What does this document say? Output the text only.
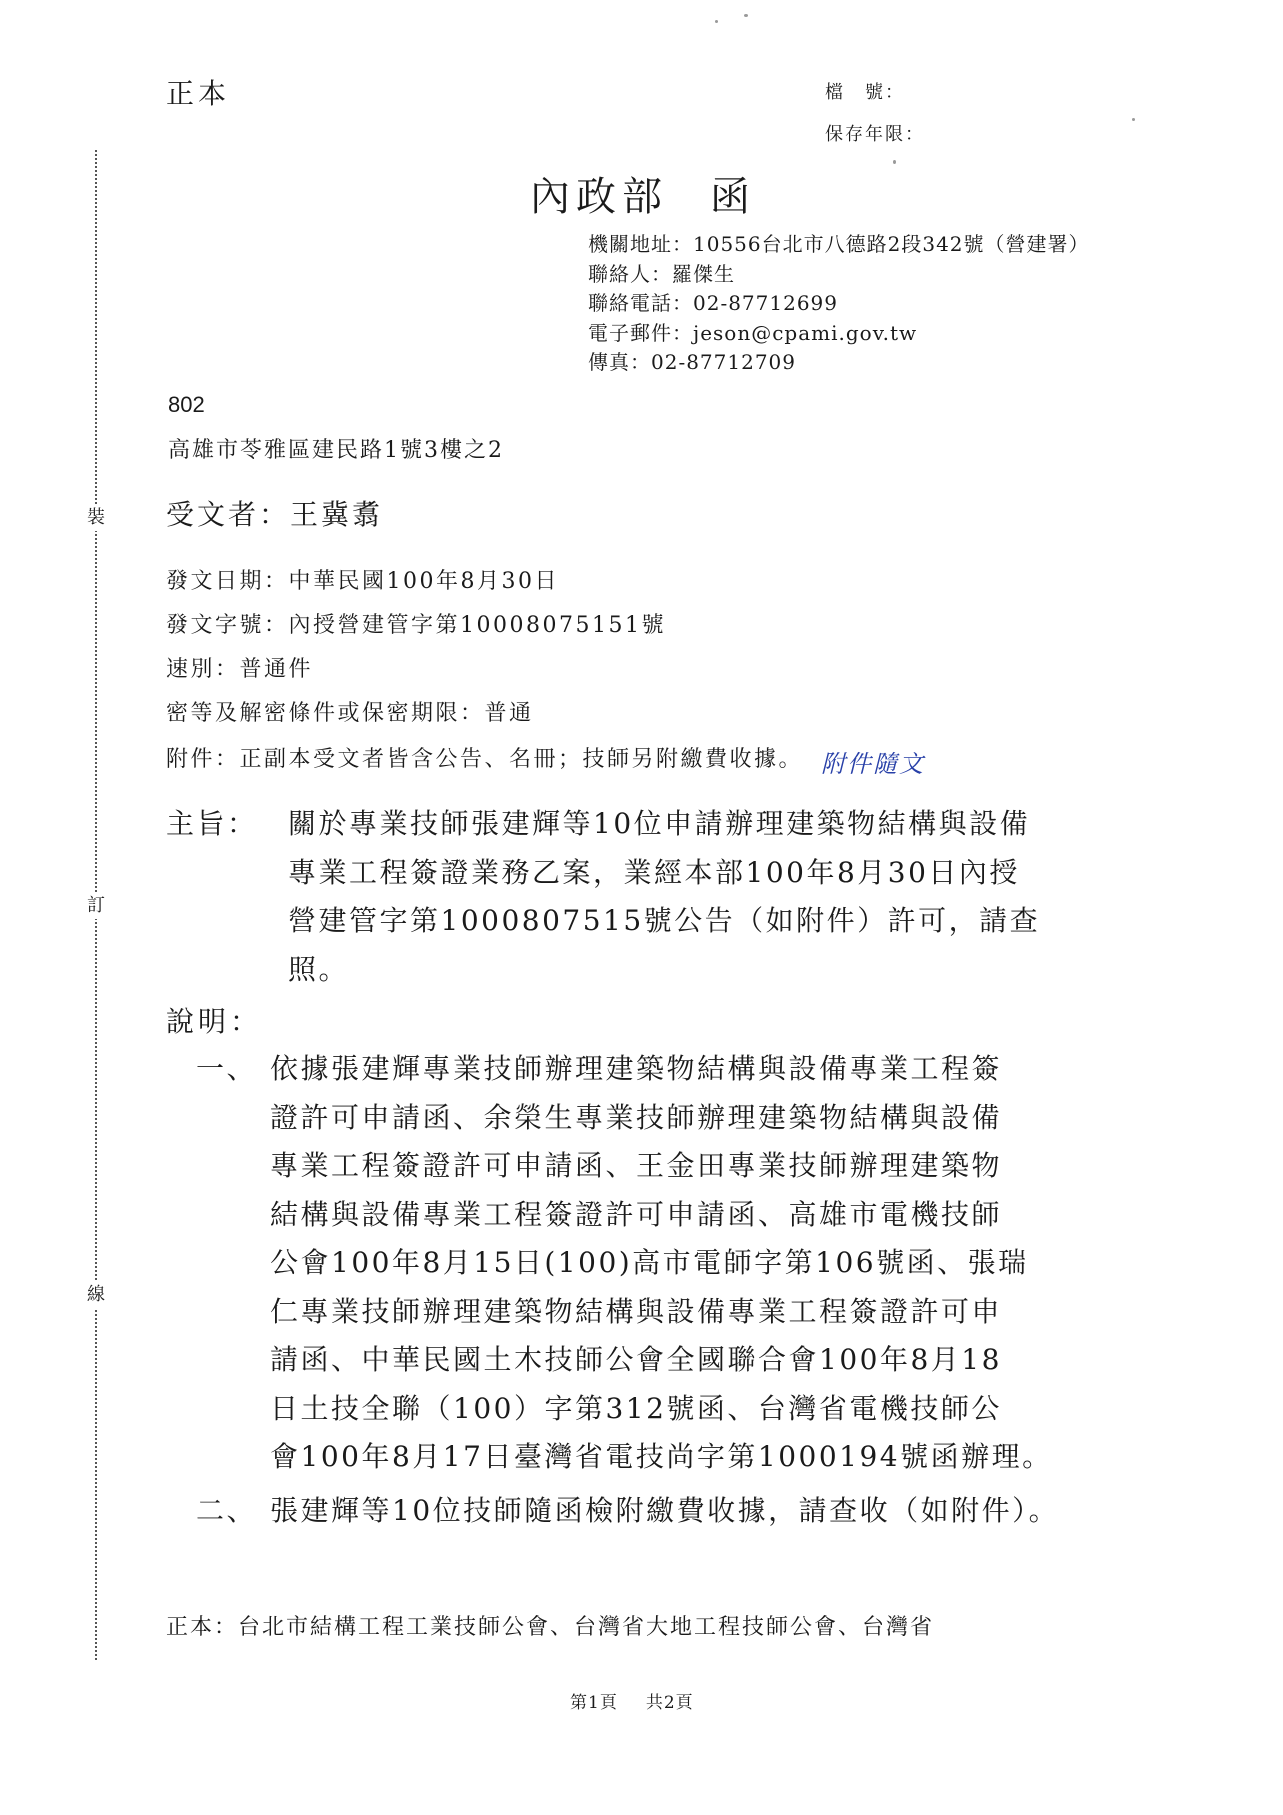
裝
訂
線
正本	檔　號：
保存年限：
內政部 函
機關地址：10556台北市八德路2段342號（營建署）
聯絡人：羅傑生
聯絡電話：02-87712699
電子郵件：jeson@cpami.gov.tw
傳真：02-87712709
802
高雄市苓雅區建民路1號3樓之2
受文者：王冀翥
發文日期：中華民國100年8月30日
發文字號：內授營建管字第10008075151號
速別：普通件
密等及解密條件或保密期限：普通
附件：正副本受文者皆含公告、名冊；技師另附繳費收據。 附件隨文
主旨：	關於專業技師張建輝等10位申請辦理建築物結構與設備
專業工程簽證業務乙案，業經本部100年8月30日內授
營建管字第1000807515號公告（如附件）許可，請查
照。
說明：
一、 依據張建輝專業技師辦理建築物結構與設備專業工程簽
證許可申請函、余榮生專業技師辦理建築物結構與設備
專業工程簽證許可申請函、王金田專業技師辦理建築物
結構與設備專業工程簽證許可申請函、高雄市電機技師
公會100年8月15日(100)高市電師字第106號函、張瑞
仁專業技師辦理建築物結構與設備專業工程簽證許可申
請函、中華民國土木技師公會全國聯合會100年8月18
日土技全聯（100）字第312號函、台灣省電機技師公
會100年8月17日臺灣省電技尚字第1000194號函辦理。
二、 張建輝等10位技師隨函檢附繳費收據，請查收（如附件）。
正本：台北市結構工程工業技師公會、台灣省大地工程技師公會、台灣省
第1頁 共2頁
